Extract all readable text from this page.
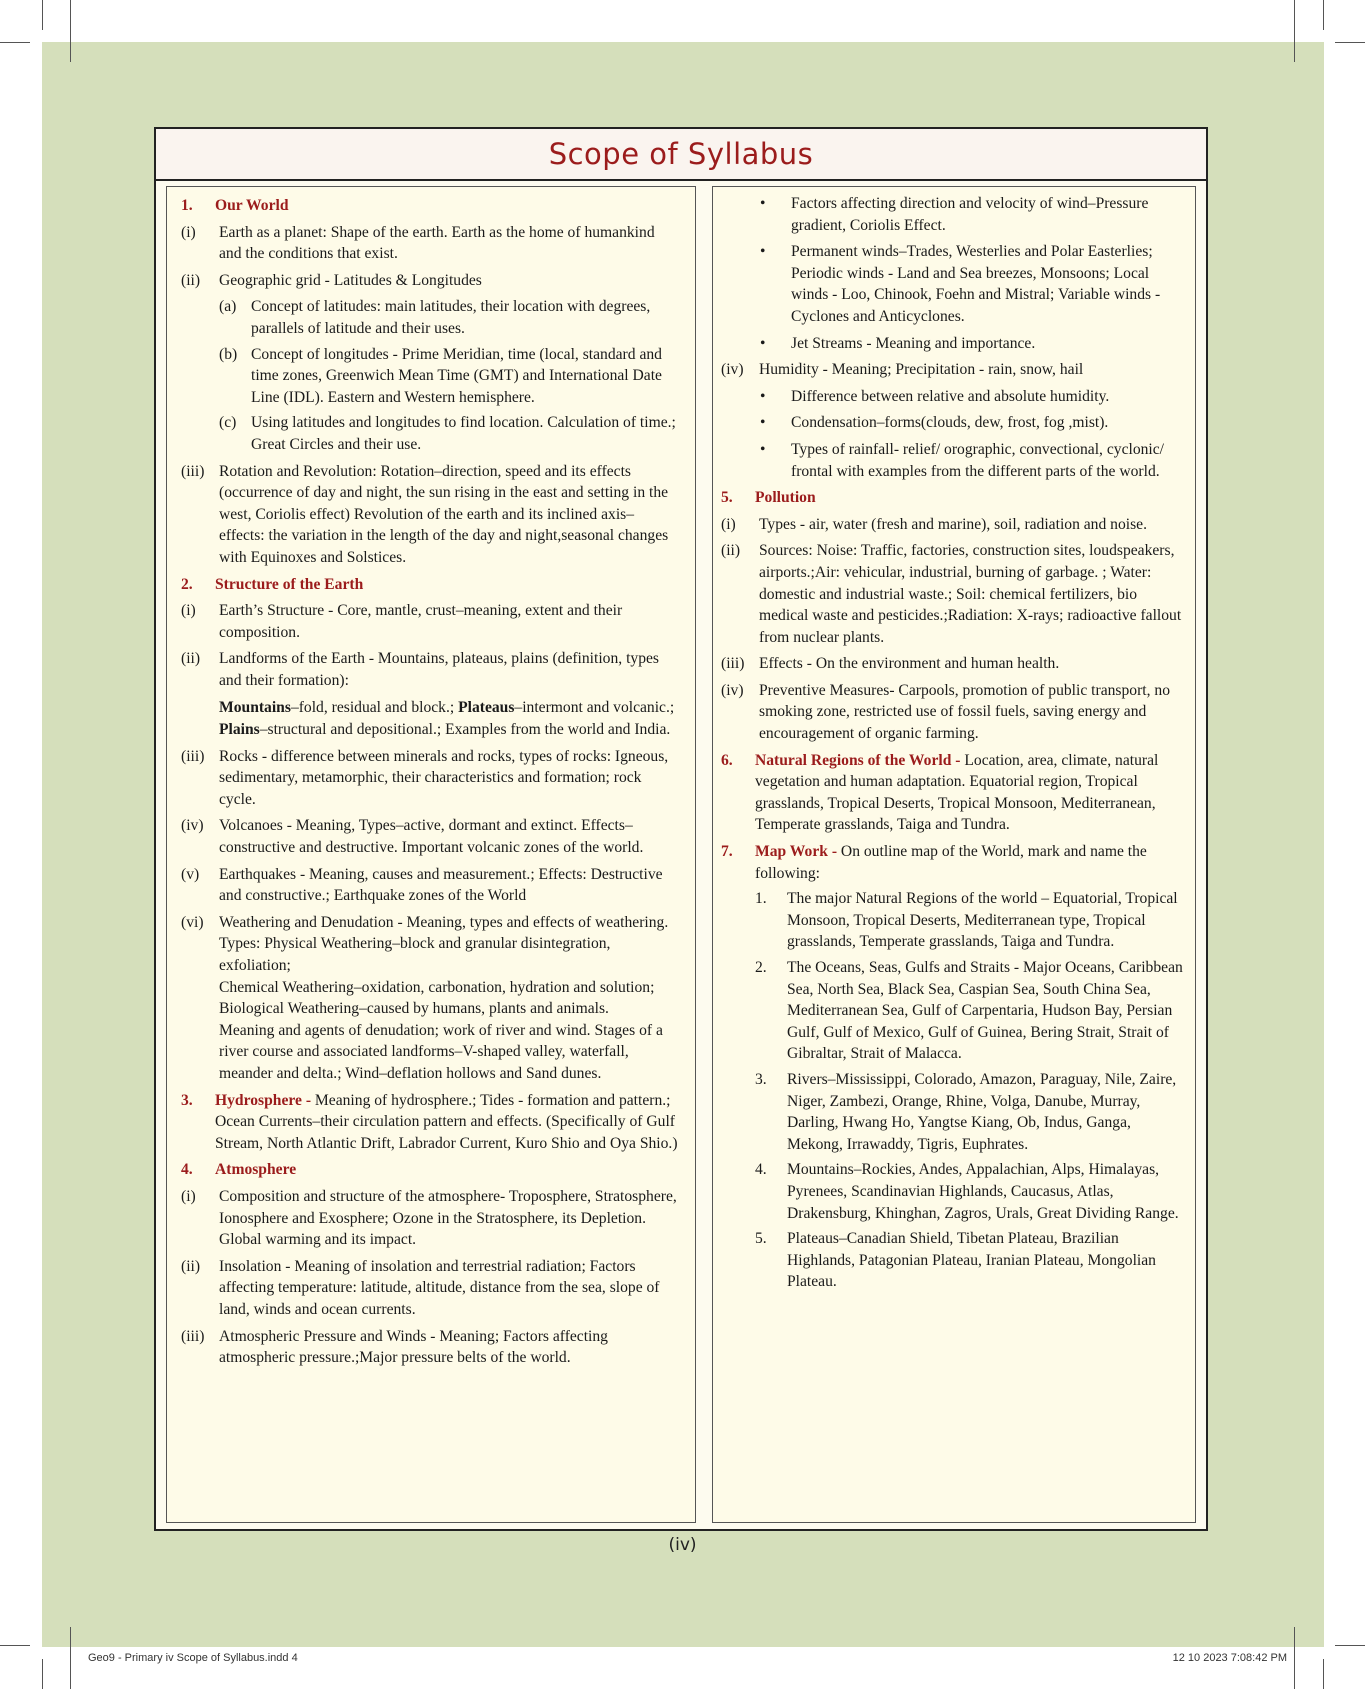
Scope of Syllabus
1. Our World
(i) Earth as a planet: Shape of the earth. Earth as the home of humankind and the conditions that exist.
(ii) Geographic grid - Latitudes & Longitudes
(a) Concept of latitudes: main latitudes, their location with degrees, parallels of latitude and their uses.
(b) Concept of longitudes - Prime Meridian, time (local, standard and time zones, Greenwich Mean Time (GMT) and International Date Line (IDL). Eastern and Western hemisphere.
(c) Using latitudes and longitudes to find location. Calculation of time.; Great Circles and their use.
(iii) Rotation and Revolution: Rotation–direction, speed and its effects (occurrence of day and night, the sun rising in the east and setting in the west, Coriolis effect) Revolution of the earth and its inclined axis– effects: the variation in the length of the day and night,seasonal changes with Equinoxes and Solstices.
2. Structure of the Earth
(i) Earth’s Structure - Core, mantle, crust–meaning, extent and their composition.
(ii) Landforms of the Earth - Mountains, plateaus, plains (definition, types and their formation):
Mountains–fold, residual and block.; Plateaus–intermont and volcanic.; Plains–structural and depositional.; Examples from the world and India.
(iii) Rocks - difference between minerals and rocks, types of rocks: Igneous, sedimentary, metamorphic, their characteristics and formation; rock cycle.
(iv) Volcanoes - Meaning, Types–active, dormant and extinct. Effects–constructive and destructive. Important volcanic zones of the world.
(v) Earthquakes - Meaning, causes and measurement.; Effects: Destructive and constructive.; Earthquake zones of the World
(vi) Weathering and Denudation - Meaning, types and effects of weathering. Types: Physical Weathering–block and granular disintegration, exfoliation;
Chemical Weathering–oxidation, carbonation, hydration and solution; Biological Weathering–caused by humans, plants and animals.
Meaning and agents of denudation; work of river and wind. Stages of a river course and associated landforms–V-shaped valley, waterfall, meander and delta.; Wind–deflation hollows and Sand dunes.
3. Hydrosphere - Meaning of hydrosphere.; Tides - formation and pattern.; Ocean Currents–their circulation pattern and effects. (Specifically of Gulf Stream, North Atlantic Drift, Labrador Current, Kuro Shio and Oya Shio.)
4. Atmosphere
(i) Composition and structure of the atmosphere- Troposphere, Stratosphere, Ionosphere and Exosphere; Ozone in the Stratosphere, its Depletion. Global warming and its impact.
(ii) Insolation - Meaning of insolation and terrestrial radiation; Factors affecting temperature: latitude, altitude, distance from the sea, slope of land, winds and ocean currents.
(iii) Atmospheric Pressure and Winds - Meaning; Factors affecting atmospheric pressure.;Major pressure belts of the world.
• Factors affecting direction and velocity of wind–Pressure gradient, Coriolis Effect.
• Permanent winds–Trades, Westerlies and Polar Easterlies; Periodic winds - Land and Sea breezes, Monsoons; Local winds - Loo, Chinook, Foehn and Mistral; Variable winds - Cyclones and Anticyclones.
• Jet Streams - Meaning and importance.
(iv) Humidity - Meaning; Precipitation - rain, snow, hail
• Difference between relative and absolute humidity.
• Condensation–forms(clouds, dew, frost, fog ,mist).
• Types of rainfall- relief/ orographic, convectional, cyclonic/ frontal with examples from the different parts of the world.
5. Pollution
(i) Types - air, water (fresh and marine), soil, radiation and noise.
(ii) Sources: Noise: Traffic, factories, construction sites, loudspeakers, airports.;Air: vehicular, industrial, burning of garbage. ; Water: domestic and industrial waste.; Soil: chemical fertilizers, bio medical waste and pesticides.;Radiation: X-rays; radioactive fallout from nuclear plants.
(iii) Effects - On the environment and human health.
(iv) Preventive Measures- Carpools, promotion of public transport, no smoking zone, restricted use of fossil fuels, saving energy and encouragement of organic farming.
6. Natural Regions of the World - Location, area, climate, natural vegetation and human adaptation. Equatorial region, Tropical grasslands, Tropical Deserts, Tropical Monsoon, Mediterranean, Temperate grasslands, Taiga and Tundra.
7. Map Work - On outline map of the World, mark and name the following:
1. The major Natural Regions of the world – Equatorial, Tropical Monsoon, Tropical Deserts, Mediterranean type, Tropical grasslands, Temperate grasslands, Taiga and Tundra.
2. The Oceans, Seas, Gulfs and Straits - Major Oceans, Caribbean Sea, North Sea, Black Sea, Caspian Sea, South China Sea, Mediterranean Sea, Gulf of Carpentaria, Hudson Bay, Persian Gulf, Gulf of Mexico, Gulf of Guinea, Bering Strait, Strait of Gibraltar, Strait of Malacca.
3. Rivers–Mississippi, Colorado, Amazon, Paraguay, Nile, Zaire, Niger, Zambezi, Orange, Rhine, Volga, Danube, Murray, Darling, Hwang Ho, Yangtse Kiang, Ob, Indus, Ganga, Mekong, Irrawaddy, Tigris, Euphrates.
4. Mountains–Rockies, Andes, Appalachian, Alps, Himalayas, Pyrenees, Scandinavian Highlands, Caucasus, Atlas, Drakensburg, Khinghan, Zagros, Urals, Great Dividing Range.
5. Plateaus–Canadian Shield, Tibetan Plateau, Brazilian Highlands, Patagonian Plateau, Iranian Plateau, Mongolian Plateau.
(iv)
Geo9 - Primary iv Scope of Syllabus.indd 4	12 10 2023 7:08:42 PM
